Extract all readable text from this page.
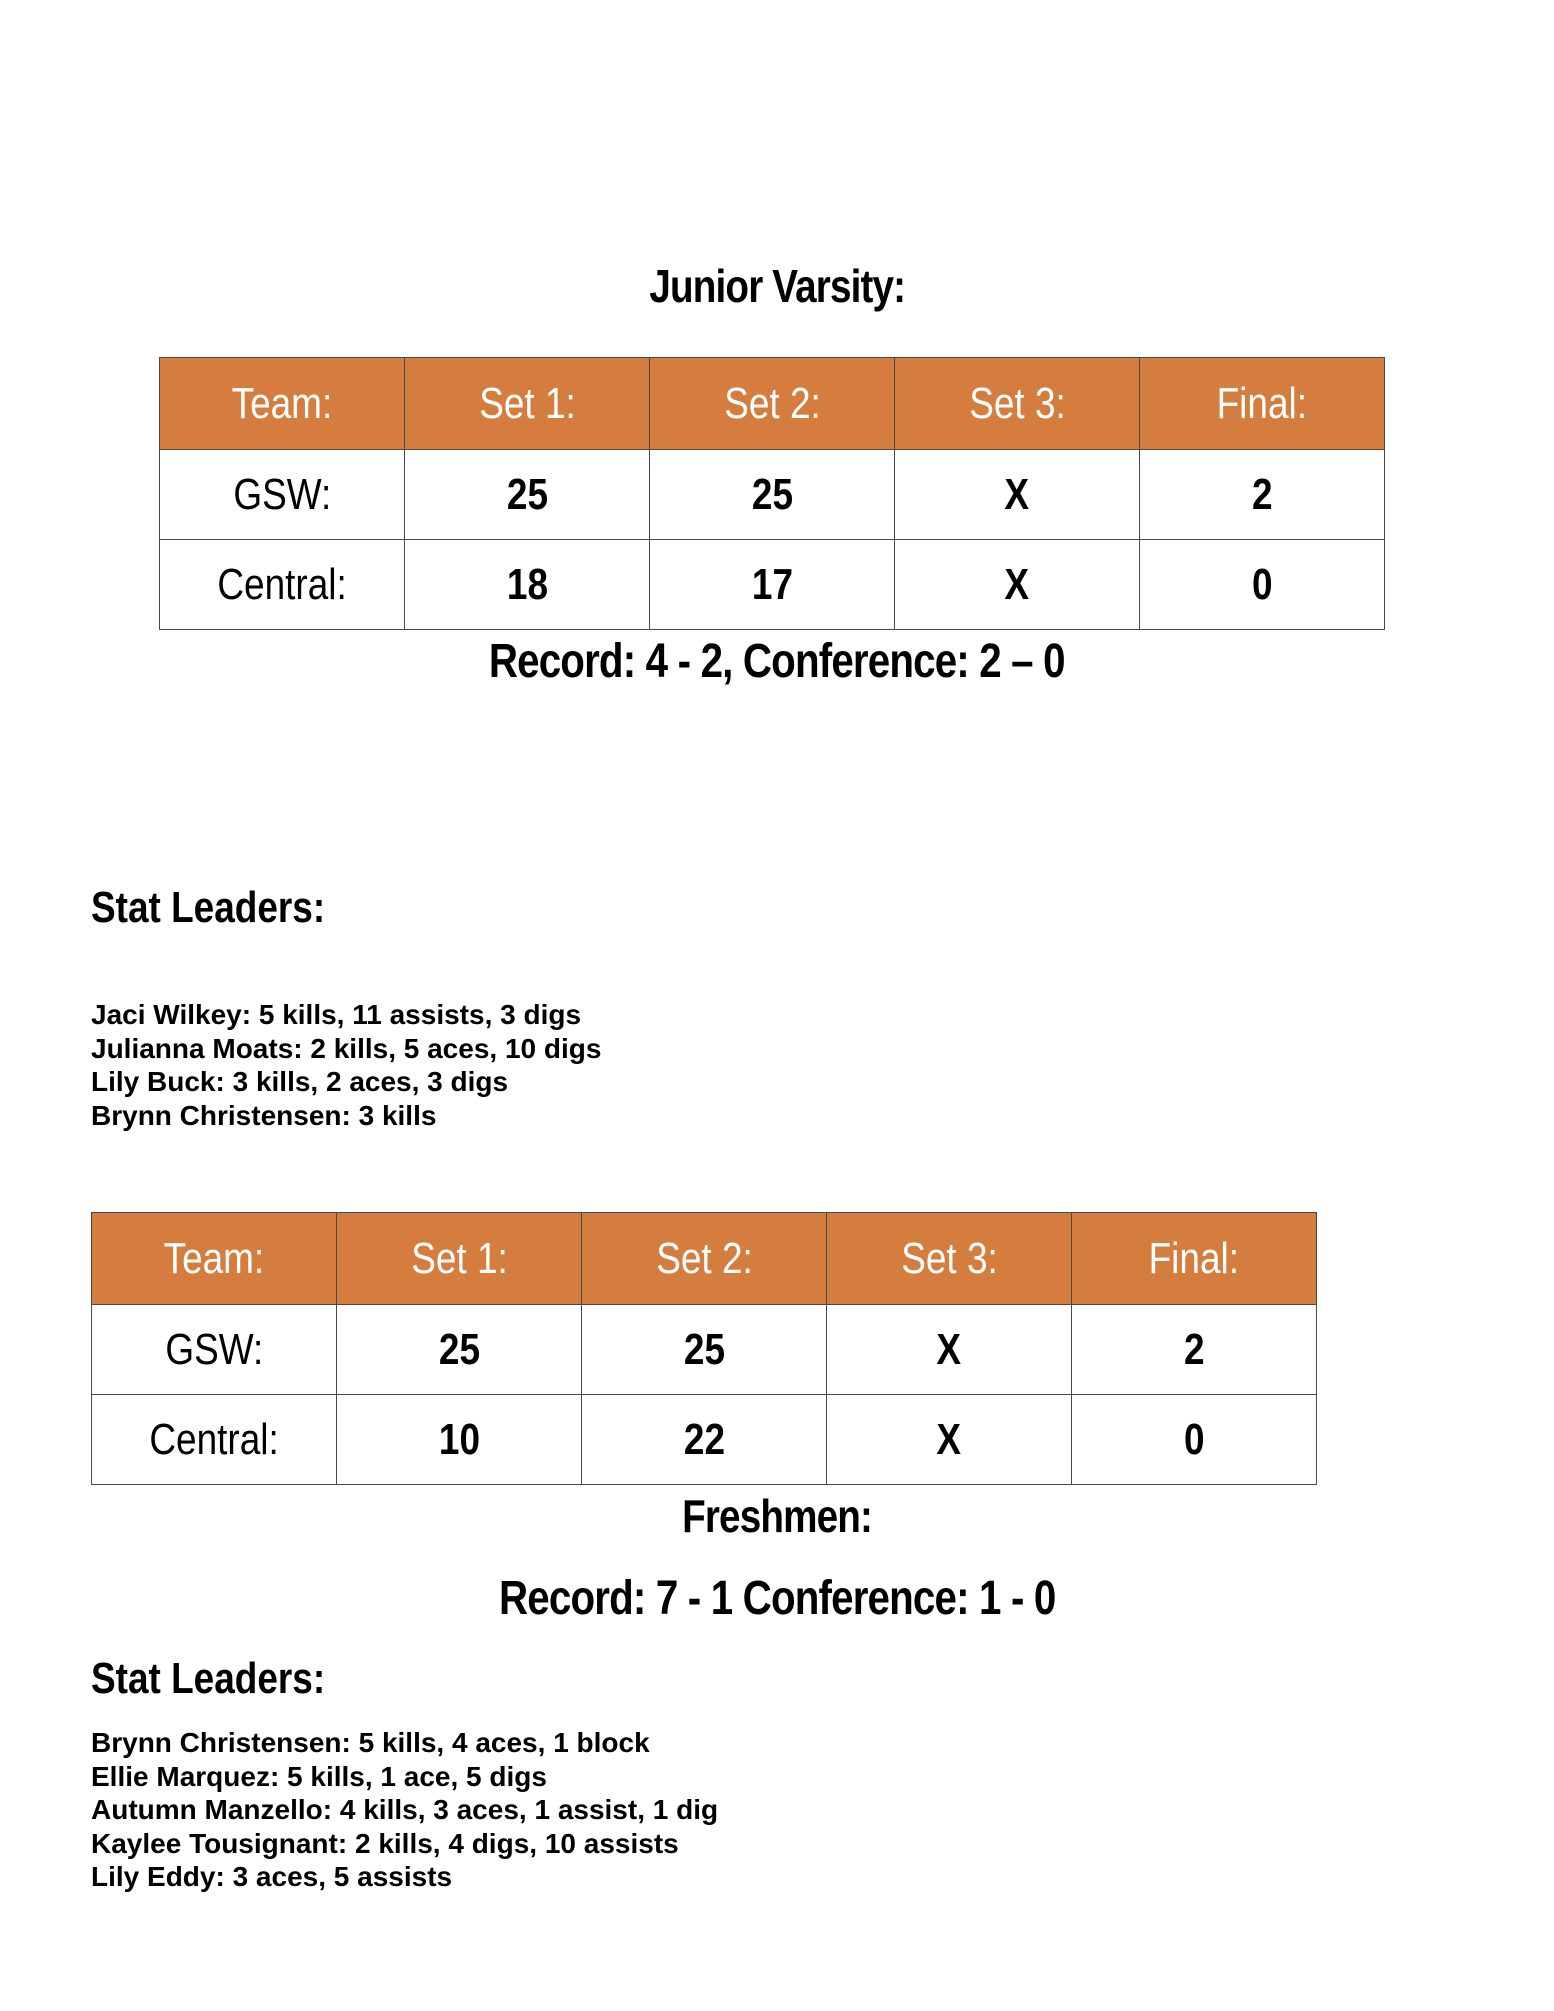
Junior Varsity:
Team:	Set 1:	Set 2:	Set 3:	Final:
GSW:	25	25	X	2
Central:	18	17	X	0
Record: 4 - 2, Conference: 2 – 0
Stat Leaders:
Jaci Wilkey: 5 kills, 11 assists, 3 digs
Julianna Moats: 2 kills, 5 aces, 10 digs
Lily Buck: 3 kills, 2 aces, 3 digs
Brynn Christensen: 3 kills
Team:	Set 1:	Set 2:	Set 3:	Final:
GSW:	25	25	X	2
Central:	10	22	X	0
Freshmen:
Record: 7 - 1 Conference: 1 - 0
Stat Leaders:
Brynn Christensen: 5 kills, 4 aces, 1 block
Ellie Marquez: 5 kills, 1 ace, 5 digs
Autumn Manzello: 4 kills, 3 aces, 1 assist, 1 dig
Kaylee Tousignant: 2 kills, 4 digs, 10 assists
Lily Eddy: 3 aces, 5 assists
